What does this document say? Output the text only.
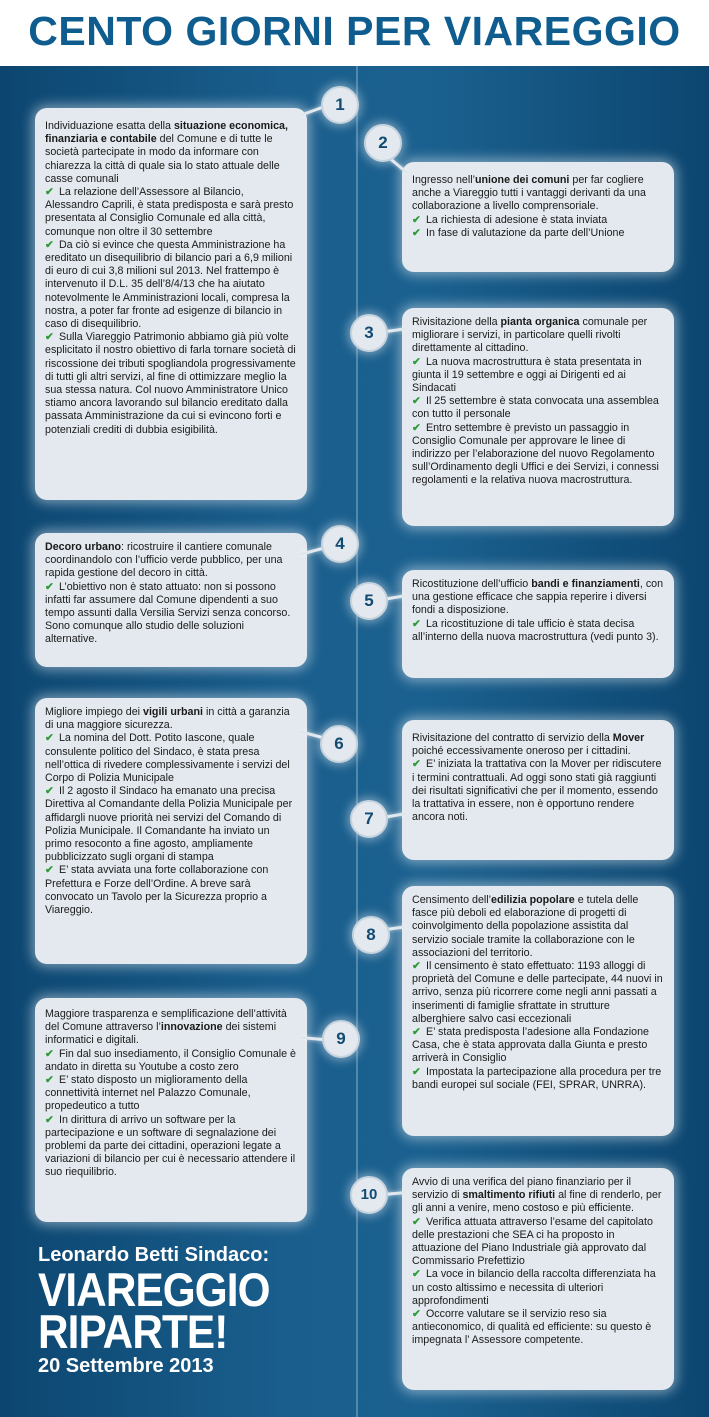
CENTO GIORNI PER VIAREGGIO

Individuazione esatta della situazione economica, finanziaria e contabile del Comune e di tutte le società partecipate in modo da informare con chiarezza la città di quale sia lo stato attuale delle casse comunali

✔ La relazione dell’Assessore al Bilancio, Alessandro Caprili, è stata predisposta e sarà presto presentata al Consiglio Comunale ed alla città, comunque non oltre il 30 settembre

✔ Da ciò si evince che questa Amministrazione ha ereditato un disequilibrio di bilancio pari a 6,9 milioni di euro di cui 3,8 milioni sul 2013. Nel frattempo è intervenuto il D.L. 35 dell’8/4/13 che ha aiutato notevolmente le Amministrazioni locali, compresa la nostra, a poter far fronte ad esigenze di bilancio in caso di disequilibrio.

✔ Sulla Viareggio Patrimonio abbiamo già più volte esplicitato il nostro obiettivo di farla tornare società di riscossione dei tributi spogliandola progressivamente di tutti gli altri servizi, al fine di ottimizzare meglio la sua stessa natura. Col nuovo Amministratore Unico stiamo ancora lavorando sul bilancio ereditato dalla passata Amministrazione da cui si evincono forti e potenziali crediti di dubbia esigibilità.

Ingresso nell’unione dei comuni per far cogliere anche a Viareggio tutti i vantaggi derivanti da una collaborazione a livello comprensoriale.

✔ La richiesta di adesione è stata inviata

✔ In fase di valutazione da parte dell’Unione

Rivisitazione della pianta organica comunale per migliorare i servizi, in particolare quelli rivolti direttamente al cittadino.

✔ La nuova macrostruttura è stata presentata in giunta il 19 settembre e oggi ai Dirigenti ed ai Sindacati

✔ Il 25 settembre è stata convocata una assemblea con tutto il personale

✔ Entro settembre è previsto un passaggio in Consiglio Comunale per approvare le linee di indirizzo per l’elaborazione del nuovo Regolamento sull’Ordinamento degli Uffici e dei Servizi, i connessi regolamenti e la relativa nuova macrostruttura.

Decoro urbano: ricostruire il cantiere comunale coordinandolo con l’ufficio verde pubblico, per una rapida gestione del decoro in città.

✔ L’obiettivo non è stato attuato: non si possono infatti far assumere dal Comune dipendenti a suo tempo assunti dalla Versilia Servizi senza concorso. Sono comunque allo studio delle soluzioni alternative.

Ricostituzione dell’ufficio bandi e finanziamenti, con una gestione efficace che sappia reperire i diversi fondi a disposizione.

✔ La ricostituzione di tale ufficio è stata decisa all’interno della nuova macrostruttura (vedi punto 3).

Migliore impiego dei vigili urbani in città a garanzia di una maggiore sicurezza.

✔ La nomina del Dott. Potito Iascone, quale consulente politico del Sindaco, è stata presa nell’ottica di rivedere complessivamente i servizi del Corpo di Polizia Municipale

✔ Il 2 agosto il Sindaco ha emanato una precisa Direttiva al Comandante della Polizia Municipale per affidargli nuove priorità nei servizi del Comando di Polizia Municipale. Il Comandante ha inviato un primo resoconto a fine agosto, ampliamente pubblicizzato sugli organi di stampa

✔ E’ stata avviata una forte collaborazione con Prefettura e Forze dell’Ordine. A breve sarà convocato un Tavolo per la Sicurezza proprio a Viareggio.

Rivisitazione del contratto di servizio della Mover poiché eccessivamente oneroso per i cittadini.

✔ E’ iniziata la trattativa con la Mover per ridiscutere i termini contrattuali. Ad oggi sono stati già raggiunti dei risultati significativi che per il momento, essendo la trattativa in essere, non è opportuno rendere ancora noti.

Censimento dell’edilizia popolare e tutela delle fasce più deboli ed elaborazione di progetti di coinvolgimento della popolazione assistita dal servizio sociale tramite la collaborazione con le associazioni del territorio.

✔ Il censimento è stato effettuato: 1193 alloggi di proprietà del Comune e delle partecipate, 44 nuovi in arrivo, senza più ricorrere come negli anni passati a inserimenti di famiglie sfrattate in strutture alberghiere salvo casi eccezionali

✔ E’ stata predisposta l’adesione alla Fondazione Casa, che è stata approvata dalla Giunta e presto arriverà in Consiglio

✔ Impostata la partecipazione alla procedura per tre bandi europei sul sociale (FEI, SPRAR, UNRRA).

Maggiore trasparenza e semplificazione dell’attività del Comune attraverso l’innovazione dei sistemi informatici e digitali.

✔ Fin dal suo insediamento, il Consiglio Comunale è andato in diretta su Youtube a costo zero

✔ E’ stato disposto un miglioramento della connettività internet nel Palazzo Comunale, propedeutico a tutto

✔ In dirittura di arrivo un software per la partecipazione e un software di segnalazione dei problemi da parte dei cittadini, operazioni legate a variazioni di bilancio per cui è necessario attendere il suo riequilibrio.

Avvio di una verifica del piano finanziario per il servizio di smaltimento rifiuti al fine di renderlo, per gli anni a venire, meno costoso e più efficiente.

✔ Verifica attuata attraverso l’esame del capitolato delle prestazioni che SEA ci ha proposto in attuazione del Piano Industriale già approvato dal Commissario Prefettizio

✔ La voce in bilancio della raccolta differenziata ha un costo altissimo e necessita di ulteriori approfondimenti

✔ Occorre valutare se il servizio reso sia antieconomico, di qualità ed efficiente: su questo è impegnata l’ Assessore competente.

1
2
3
4
5
6
7
8
9
10
Leonardo Betti Sindaco:
VIAREGGIO
RIPARTE!
20 Settembre 2013
